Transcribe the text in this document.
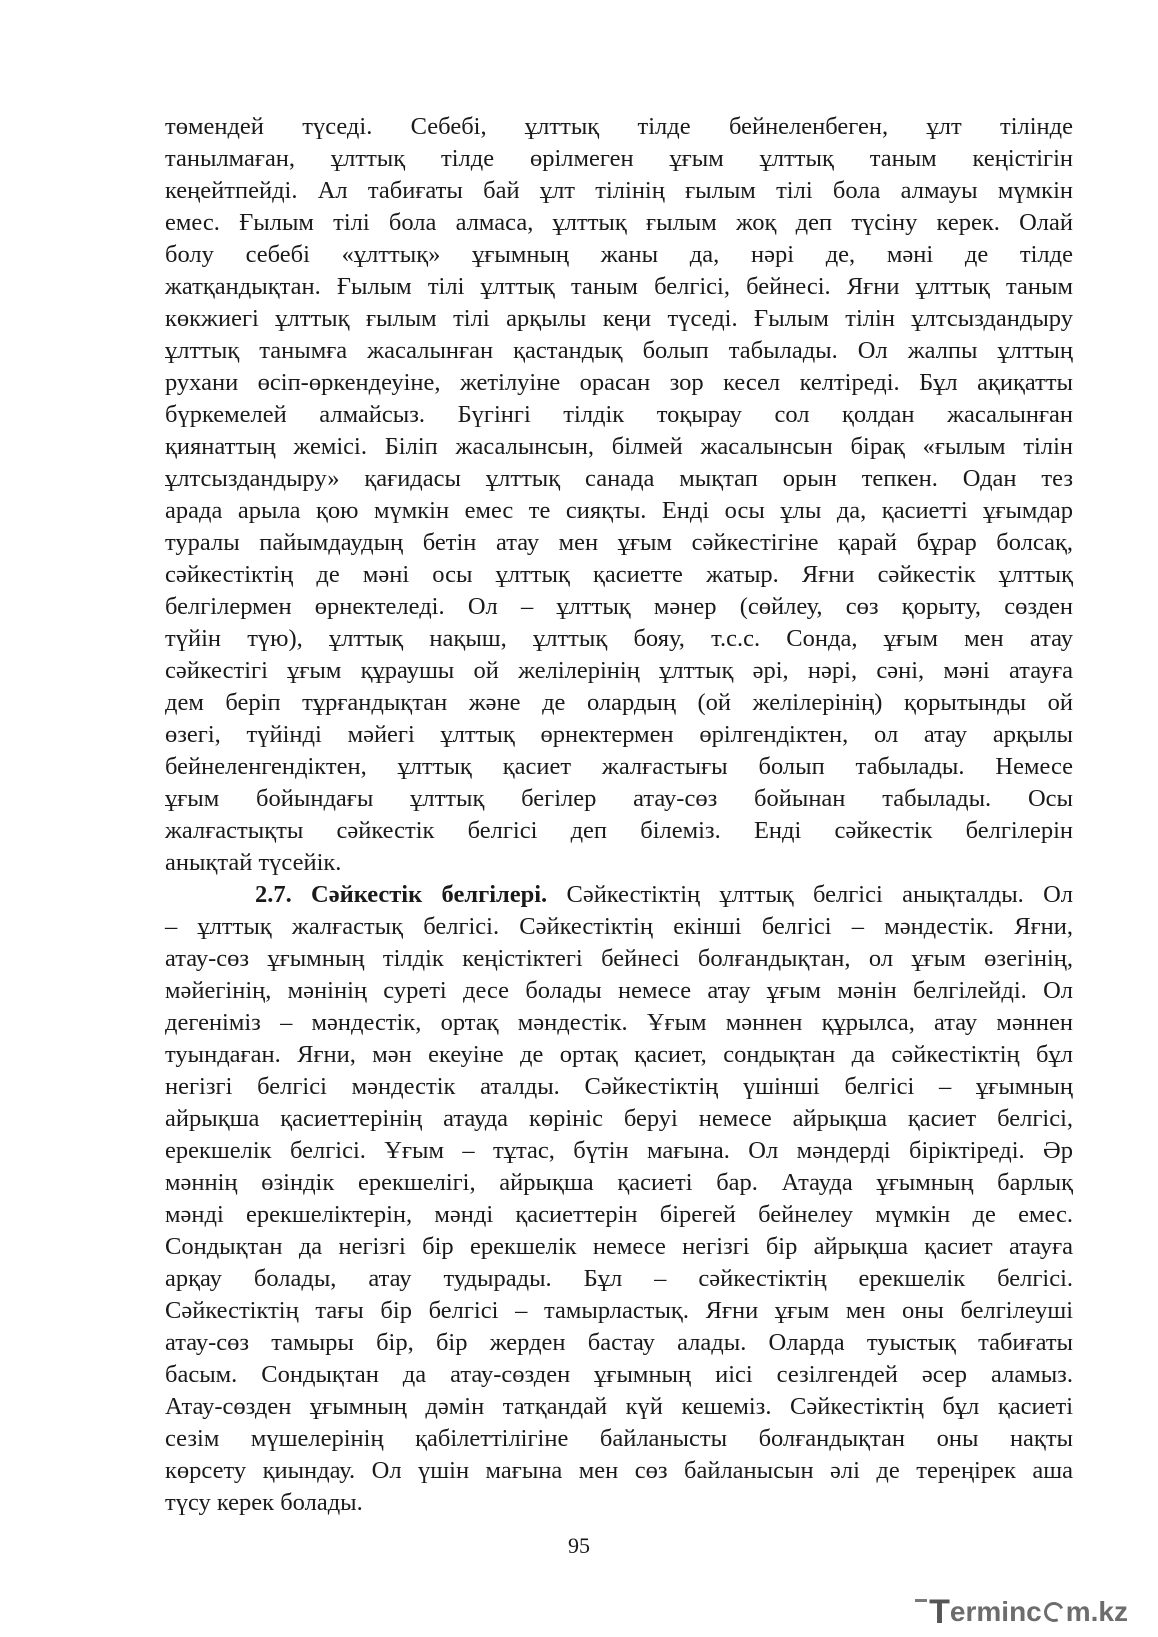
төмендей түседі. Себебі, ұлттық тілде бейнеленбеген, ұлт тілінде
танылмаған, ұлттық тілде өрілмеген ұғым ұлттық таным кеңістігін
кеңейтпейді. Ал табиғаты бай ұлт тілінің ғылым тілі бола алмауы мүмкін
емес. Ғылым тілі бола алмаса, ұлттық ғылым жоқ деп түсіну керек. Олай
болу себебі «ұлттық» ұғымның жаны да, нәрі де, мәні де тілде
жатқандықтан. Ғылым тілі ұлттық таным белгісі, бейнесі. Яғни ұлттық таным
көкжиегі ұлттық ғылым тілі арқылы кеңи түседі. Ғылым тілін ұлтсыздандыру
ұлттық танымға жасалынған қастандық болып табылады. Ол жалпы ұлттың
рухани өсіп-өркендеуіне, жетілуіне орасан зор кесел келтіреді. Бұл ақиқатты
бүркемелей алмайсыз. Бүгінгі тілдік тоқырау сол қолдан жасалынған
қиянаттың жемісі. Біліп жасалынсын, білмей жасалынсын бірақ «ғылым тілін
ұлтсыздандыру» қағидасы ұлттық санада мықтап орын тепкен. Одан тез
арада арыла қою мүмкін емес те сияқты. Енді осы ұлы да, қасиетті ұғымдар
туралы пайымдаудың бетін атау мен ұғым сәйкестігіне қарай бұрар болсақ,
сәйкестіктің де мәні осы ұлттық қасиетте жатыр. Яғни сәйкестік ұлттық
белгілермен өрнектеледі. Ол – ұлттық мәнер (сөйлеу, сөз қорыту, сөзден
түйін түю), ұлттық нақыш, ұлттық бояу, т.с.с. Сонда, ұғым мен атау
сәйкестігі ұғым құраушы ой желілерінің ұлттық әрі, нәрі, сәні, мәні атауға
дем беріп тұрғандықтан және де олардың (ой желілерінің) қорытынды ой
өзегі, түйінді мәйегі ұлттық өрнектермен өрілгендіктен, ол атау арқылы
бейнеленгендіктен, ұлттық қасиет жалғастығы болып табылады. Немесе
ұғым бойындағы ұлттық бегілер атау-сөз бойынан табылады. Осы
жалғастықты сәйкестік белгісі деп білеміз. Енді сәйкестік белгілерін
анықтай түсейік.
2.7. Сәйкестік белгілері. Сәйкестіктің ұлттық белгісі анықталды. Ол
– ұлттық жалғастық белгісі. Сәйкестіктің екінші белгісі – мәндестік. Яғни,
атау-сөз ұғымның тілдік кеңістіктегі бейнесі болғандықтан, ол ұғым өзегінің,
мәйегінің, мәнінің суреті десе болады немесе атау ұғым мәнін белгілейді. Ол
дегеніміз – мәндестік, ортақ мәндестік. Ұғым мәннен құрылса, атау мәннен
туындаған. Яғни, мән екеуіне де ортақ қасиет, сондықтан да сәйкестіктің бұл
негізгі белгісі мәндестік аталды. Сәйкестіктің үшінші белгісі – ұғымның
айрықша қасиеттерінің атауда көрініс беруі немесе айрықша қасиет белгісі,
ерекшелік белгісі. Ұғым – тұтас, бүтін мағына. Ол мәндерді біріктіреді. Әр
мәннің өзіндік ерекшелігі, айрықша қасиеті бар. Атауда ұғымның барлық
мәнді ерекшеліктерін, мәнді қасиеттерін бірегей бейнелеу мүмкін де емес.
Сондықтан да негізгі бір ерекшелік немесе негізгі бір айрықша қасиет атауға
арқау болады, атау тудырады. Бұл – сәйкестіктің ерекшелік белгісі.
Сәйкестіктің тағы бір белгісі – тамырластық. Яғни ұғым мен оны белгілеуші
атау-сөз тамыры бір, бір жерден бастау алады. Оларда туыстық табиғаты
басым. Сондықтан да атау-сөзден ұғымның иісі сезілгендей әсер аламыз.
Атау-сөзден ұғымның дәмін татқандай күй кешеміз. Сәйкестіктің бұл қасиеті
сезім мүшелерінің қабілеттілігіне байланысты болғандықтан оны нақты
көрсету қиындау. Ол үшін мағына мен сөз байланысын әлі де тереңірек аша
түсу керек болады.
95
T erminc m.kz
